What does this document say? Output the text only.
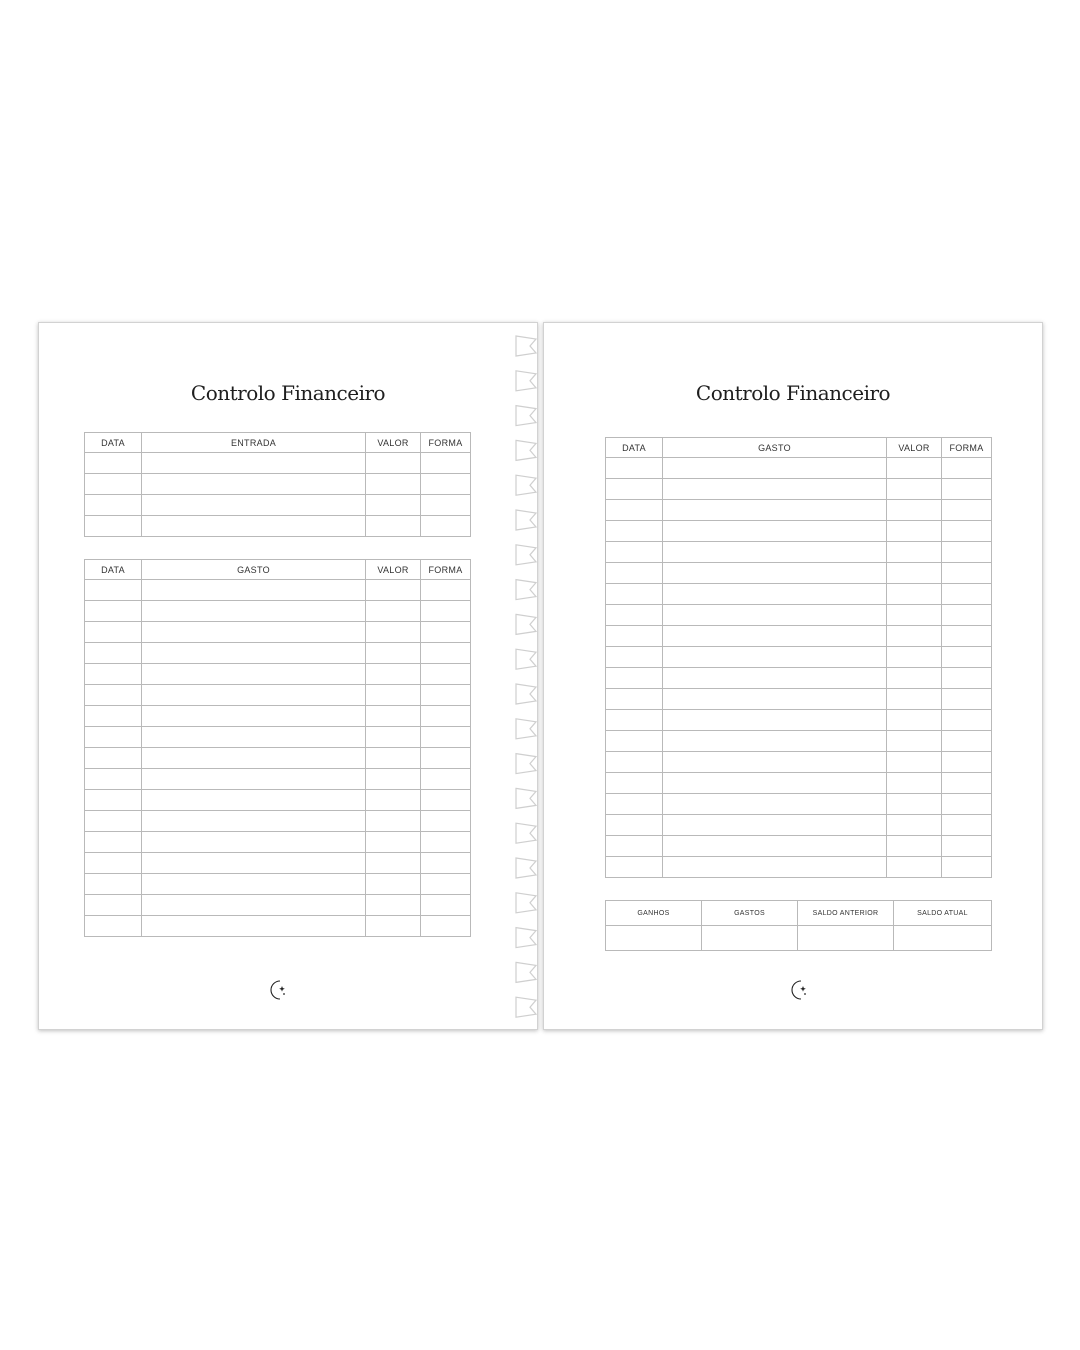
Controlo Financeiro
DATA	ENTRADA	VALOR	FORMA

DATA	GASTO	VALOR	FORMA

Controlo Financeiro
DATA	GASTO	VALOR	FORMA

GANHOS	GASTOS	SALDO ANTERIOR	SALDO ATUAL
